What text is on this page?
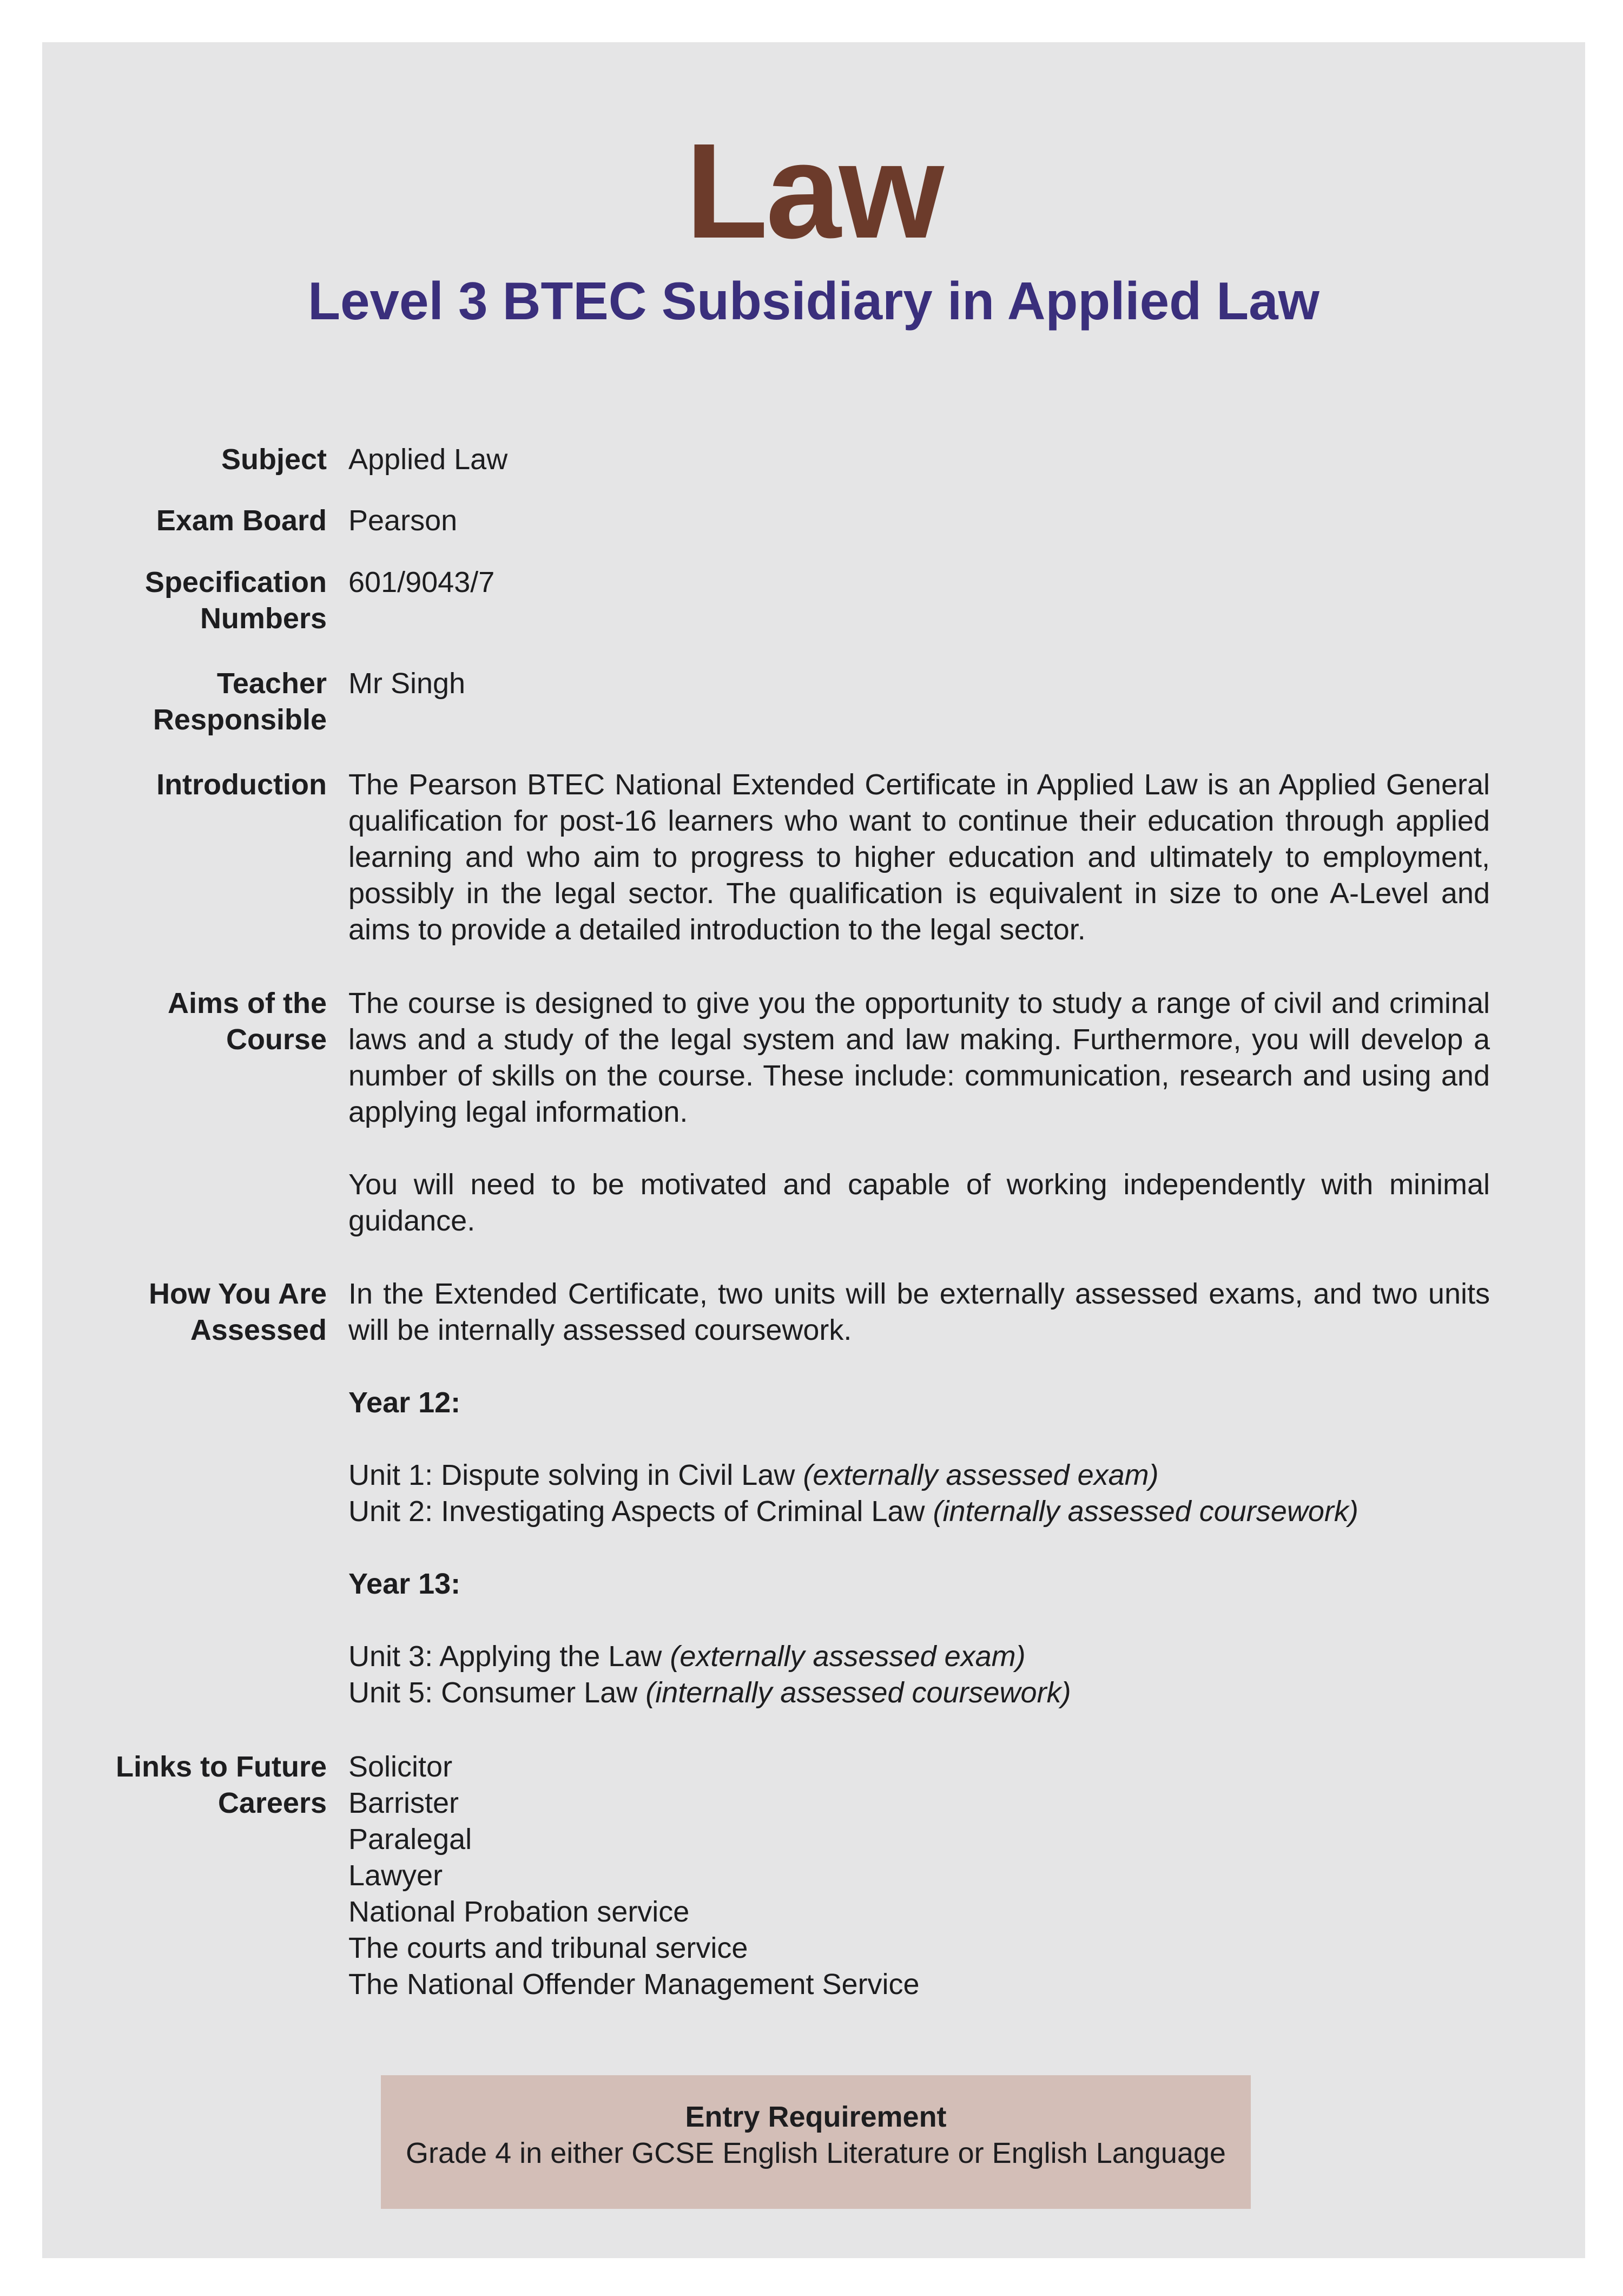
Law
Level 3 BTEC Subsidiary in Applied Law
Subject Applied Law
Exam Board Pearson
Specification
Numbers
601/9043/7
Teacher
Responsible
Mr Singh
Introduction The Pearson BTEC National Extended Certificate in Applied Law is an Applied General qualification for post-16 learners who want to continue their education through applied learning and who aim to progress to higher education and ultimately to employment, possibly in the legal sector. The qualification is equivalent in size to one A-Level and aims to provide a detailed introduction to the legal sector.

Aims of the
Course

The course is designed to give you the opportunity to study a range of civil and criminal laws and a study of the legal system and law making. Furthermore, you will develop a number of skills on the course. These include: communication, research and using and applying legal information.

You will need to be motivated and capable of working independently with minimal guidance.

How You Are
Assessed

In the Extended Certificate, two units will be externally assessed exams, and two units will be internally assessed coursework.

Year 12:
Unit 1: Dispute solving in Civil Law (externally assessed exam)
Unit 2: Investigating Aspects of Criminal Law (internally assessed coursework)
Year 13:
Unit 3: Applying the Law (externally assessed exam)
Unit 5: Consumer Law (internally assessed coursework)
Links to Future
Careers
Solicitor
Barrister
Paralegal
Lawyer
National Probation service
The courts and tribunal service
The National Offender Management Service
Entry Requirement
Grade 4 in either GCSE English Literature or English Language
